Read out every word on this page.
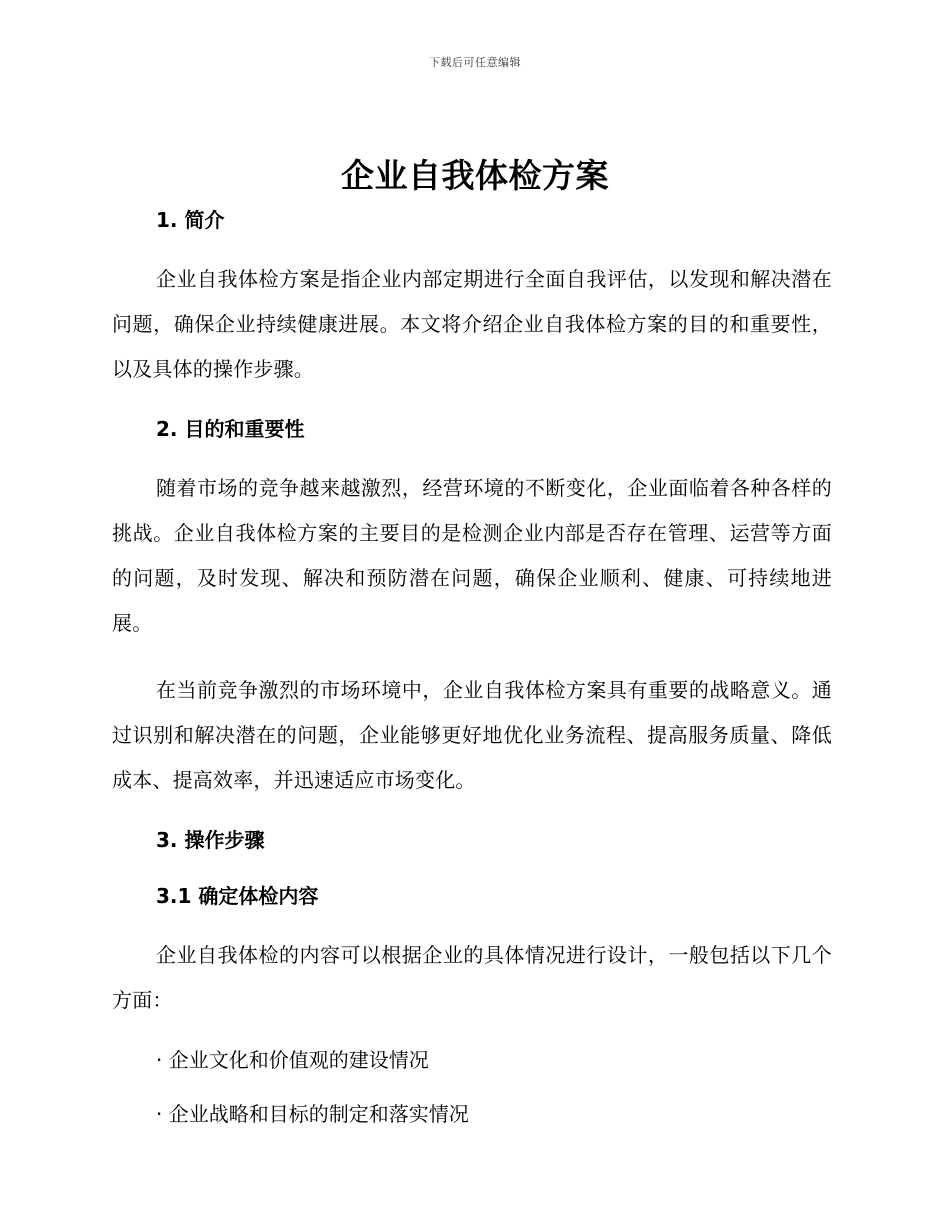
下载后可任意编辑
企业自我体检方案
1. 简介

企业自我体检方案是指企业内部定期进行全面自我评估，以发现和解决潜在问题，确保企业持续健康进展。本文将介绍企业自我体检方案的目的和重要性，以及具体的操作步骤。

2. 目的和重要性

随着市场的竞争越来越激烈，经营环境的不断变化，企业面临着各种各样的挑战。企业自我体检方案的主要目的是检测企业内部是否存在管理、运营等方面的问题，及时发现、解决和预防潜在问题，确保企业顺利、健康、可持续地进展。

在当前竞争激烈的市场环境中，企业自我体检方案具有重要的战略意义。通过识别和解决潜在的问题，企业能够更好地优化业务流程、提高服务质量、降低成本、提高效率，并迅速适应市场变化。

3. 操作步骤
3.1 确定体检内容

企业自我体检的内容可以根据企业的具体情况进行设计，一般包括以下几个方面：

· 企业文化和价值观的建设情况
· 企业战略和目标的制定和落实情况
